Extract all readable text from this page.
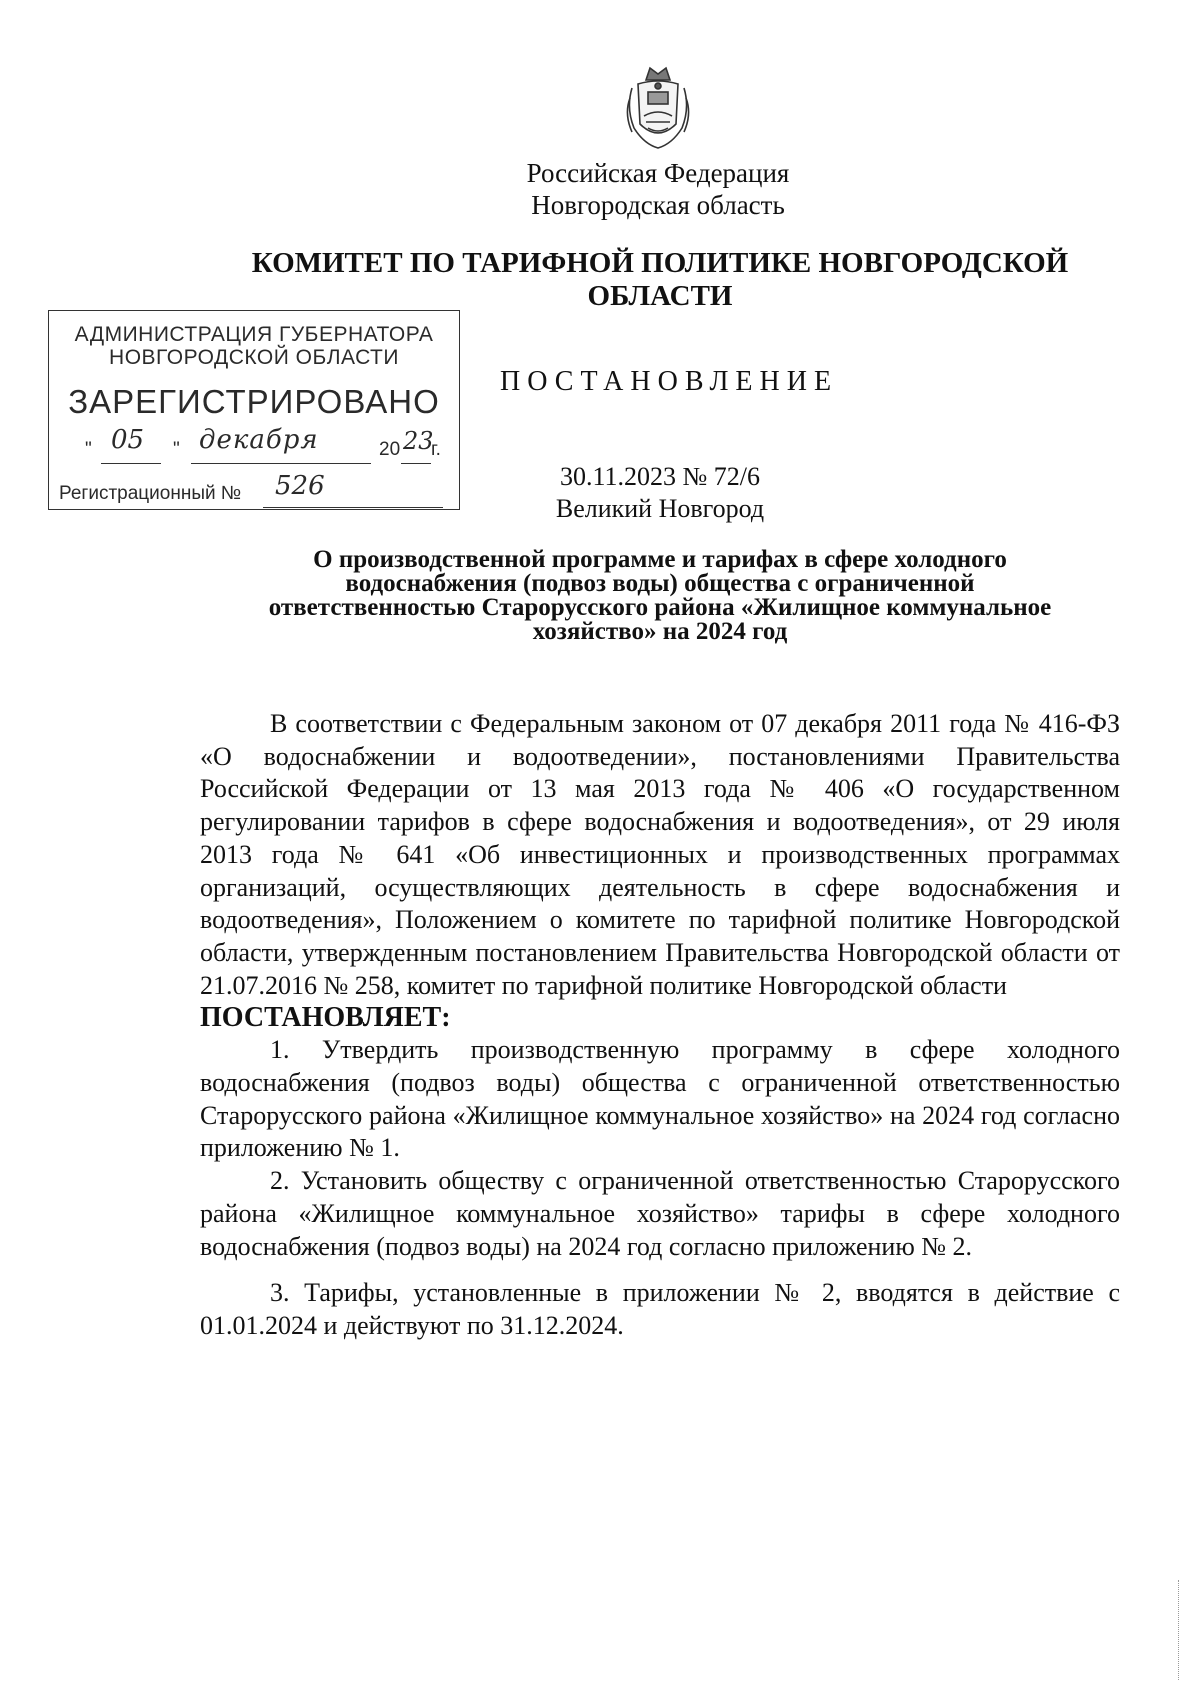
Российская Федерация
Новгородская область
КОМИТЕТ ПО ТАРИФНОЙ ПОЛИТИКЕ НОВГОРОДСКОЙ ОБЛАСТИ
АДМИНИСТРАЦИЯ ГУБЕРНАТОРА
НОВГОРОДСКОЙ ОБЛАСТИ
ЗАРЕГИСТРИРОВАНО
" 05 " декабря	20 23
г.
Регистрационный № 526
ПОСТАНОВЛЕНИЕ
30.11.2023 № 72/6
Великий Новгород
О производственной программе и тарифах в сфере холодного водоснабжения (подвоз воды) общества с ограниченной ответственностью Старорусского района «Жилищное коммунальное хозяйство» на 2024 год

В соответствии с Федеральным законом от 07 декабря 2011 года № 416-ФЗ «О водоснабжении и водоотведении», постановлениями Правительства Российской Федерации от 13 мая 2013 года № 406 «О государственном регулировании тарифов в сфере водоснабжения и водоотведения», от 29 июля 2013 года № 641 «Об инвестиционных и производственных программах организаций, осуществляющих деятельность в сфере водоснабжения и водоотведения», Положением о комитете по тарифной политике Новгородской области, утвержденным постановлением Правительства Новгородской области от 21.07.2016 № 258, комитет по тарифной политике Новгородской области

ПОСТАНОВЛЯЕТ:

1. Утвердить производственную программу в сфере холодного водоснабжения (подвоз воды) общества с ограниченной ответственностью Старорусского района «Жилищное коммунальное хозяйство» на 2024 год согласно приложению № 1.

2. Установить обществу с ограниченной ответственностью Старорусского района «Жилищное коммунальное хозяйство» тарифы в сфере холодного водоснабжения (подвоз воды) на 2024 год согласно приложению № 2.

3. Тарифы, установленные в приложении № 2, вводятся в действие с 01.01.2024 и действуют по 31.12.2024.
